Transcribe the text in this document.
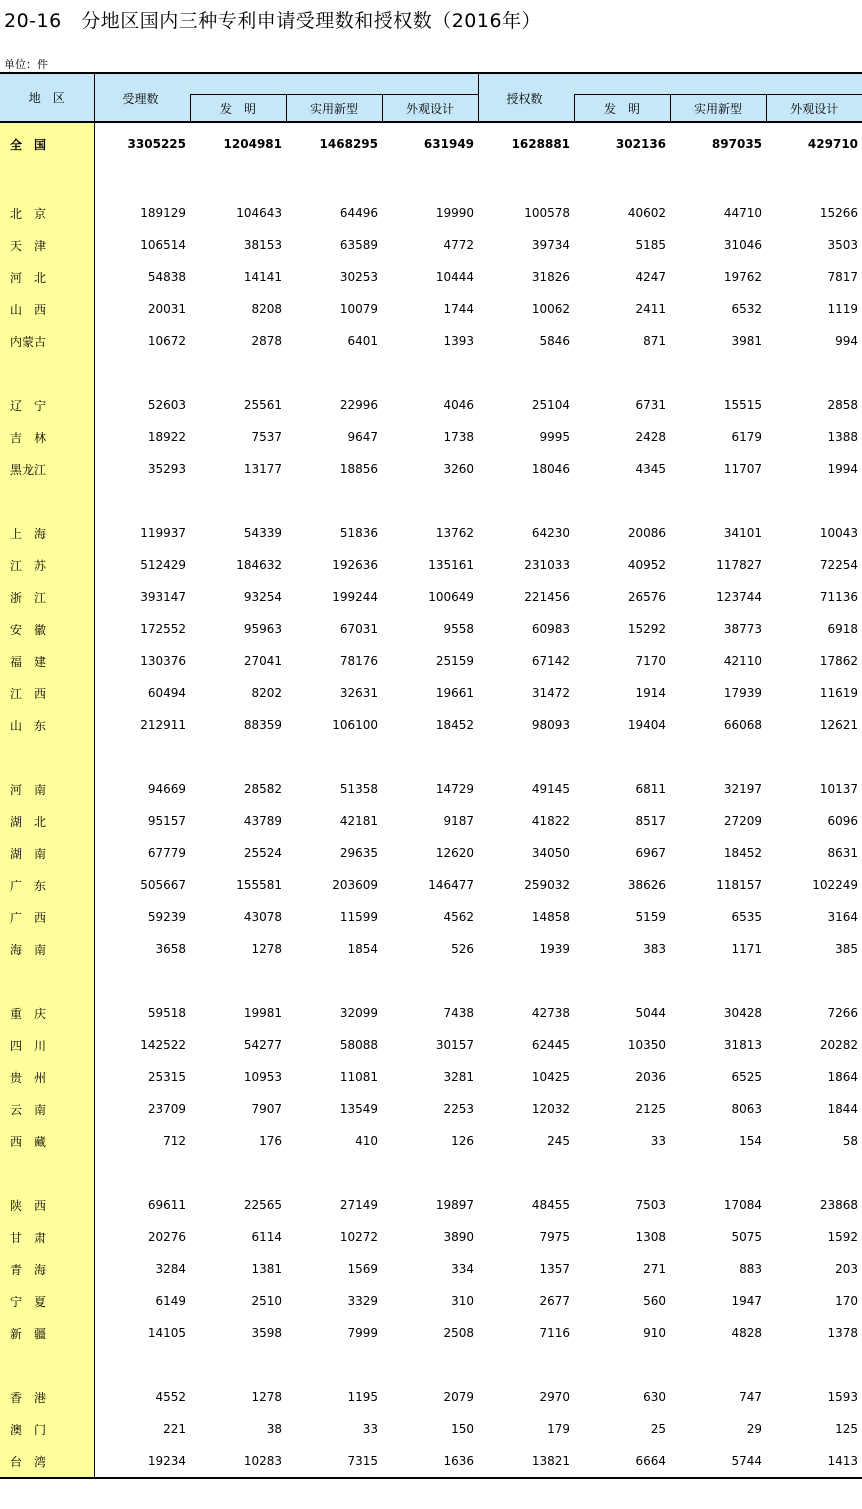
20-16　分地区国内三种专利申请受理数和授权数（2016年）
单位：件
地　区	受理数				授权数			
		发　明	实用新型	外观设计		发　明	实用新型	外观设计
全　国	3305225	1204981	1468295	631949	1628881	302136	897035	429710

北　京	189129	104643	64496	19990	100578	40602	44710	15266
天　津	106514	38153	63589	4772	39734	5185	31046	3503
河　北	54838	14141	30253	10444	31826	4247	19762	7817
山　西	20031	8208	10079	1744	10062	2411	6532	1119
内蒙古	10672	2878	6401	1393	5846	871	3981	994

辽　宁	52603	25561	22996	4046	25104	6731	15515	2858
吉　林	18922	7537	9647	1738	9995	2428	6179	1388
黑龙江	35293	13177	18856	3260	18046	4345	11707	1994

上　海	119937	54339	51836	13762	64230	20086	34101	10043
江　苏	512429	184632	192636	135161	231033	40952	117827	72254
浙　江	393147	93254	199244	100649	221456	26576	123744	71136
安　徽	172552	95963	67031	9558	60983	15292	38773	6918
福　建	130376	27041	78176	25159	67142	7170	42110	17862
江　西	60494	8202	32631	19661	31472	1914	17939	11619
山　东	212911	88359	106100	18452	98093	19404	66068	12621

河　南	94669	28582	51358	14729	49145	6811	32197	10137
湖　北	95157	43789	42181	9187	41822	8517	27209	6096
湖　南	67779	25524	29635	12620	34050	6967	18452	8631
广　东	505667	155581	203609	146477	259032	38626	118157	102249
广　西	59239	43078	11599	4562	14858	5159	6535	3164
海　南	3658	1278	1854	526	1939	383	1171	385

重　庆	59518	19981	32099	7438	42738	5044	30428	7266
四　川	142522	54277	58088	30157	62445	10350	31813	20282
贵　州	25315	10953	11081	3281	10425	2036	6525	1864
云　南	23709	7907	13549	2253	12032	2125	8063	1844
西　藏	712	176	410	126	245	33	154	58

陕　西	69611	22565	27149	19897	48455	7503	17084	23868
甘　肃	20276	6114	10272	3890	7975	1308	5075	1592
青　海	3284	1381	1569	334	1357	271	883	203
宁　夏	6149	2510	3329	310	2677	560	1947	170
新　疆	14105	3598	7999	2508	7116	910	4828	1378

香　港	4552	1278	1195	2079	2970	630	747	1593
澳　门	221	38	33	150	179	25	29	125
台　湾	19234	10283	7315	1636	13821	6664	5744	1413
